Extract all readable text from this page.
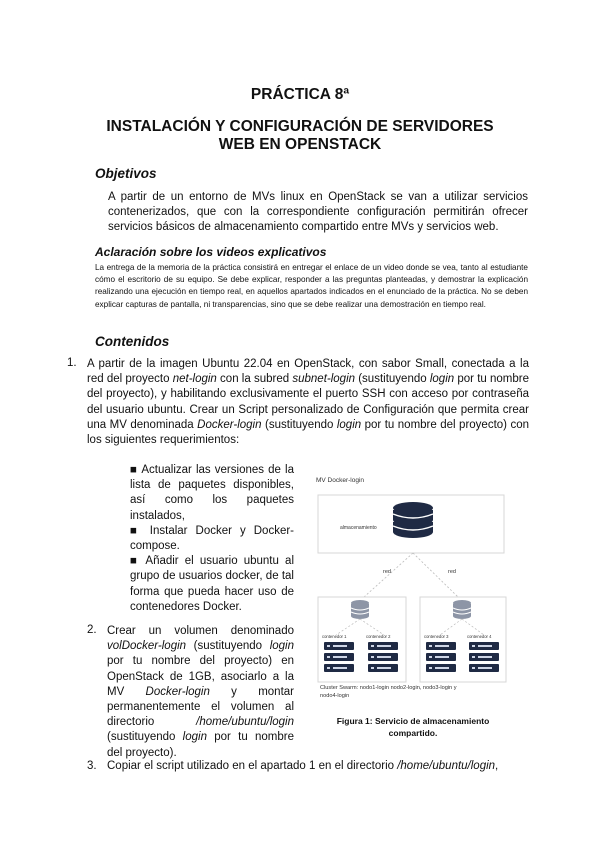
PRÁCTICA 8ª
INSTALACIÓN Y CONFIGURACIÓN DE SERVIDORES
WEB EN OPENSTACK
Objetivos
A partir de un entorno de MVs linux en OpenStack se van a utilizar servicios contenerizados, que con la correspondiente configuración permitirán ofrecer servicios básicos de almacenamiento compartido entre MVs y servicios web.
Aclaración sobre los videos explicativos
La entrega de la memoria de la práctica consistirá en entregar el enlace de un video donde se vea, tanto al estudiante cómo el escritorio de su equipo. Se debe explicar, responder a las preguntas planteadas, y demostrar la explicación realizando una ejecución en tiempo real, en aquellos apartados indicados en el enunciado de la práctica. No se deben explicar capturas de pantalla, ni transparencias, sino que se debe realizar una demostración en tiempo real.
Contenidos
1. A partir de la imagen Ubuntu 22.04 en OpenStack, con sabor Small, conectada a la red del proyecto net-login con la subred subnet-login (sustituyendo login por tu nombre del proyecto), y habilitando exclusivamente el puerto SSH con acceso por contraseña del usuario ubuntu. Crear un Script personalizado de Configuración que permita crear una MV denominada Docker-login (sustituyendo login por tu nombre del proyecto) con los siguientes requerimientos:
■ Actualizar las versiones de la lista de paquetes disponibles, así como los paquetes instalados,
■ Instalar Docker y Docker-compose.
■ Añadir el usuario ubuntu al grupo de usuarios docker, de tal forma que pueda hacer uso de contenedores Docker.
2. Crear un volumen denominado volDocker-login (sustituyendo login por tu nombre del proyecto) en OpenStack de 1GB, asociarlo a la MV Docker-login y montar permanentemente el volumen al directorio /home/ubuntu/login (sustituyendo login por tu nombre del proyecto).
3. Copiar el script utilizado en el apartado 1 en el directorio /home/ubuntu/login,
MV Docker-login
almacenamiento
red	red
contenedor 1	contenedor 2	contenedor 3	contenedor 4
Cluster Swarm: nodo1-login nodo2-login, nodo3-login y
nodo4-login
Figura 1: Servicio de almacenamiento
compartido.
